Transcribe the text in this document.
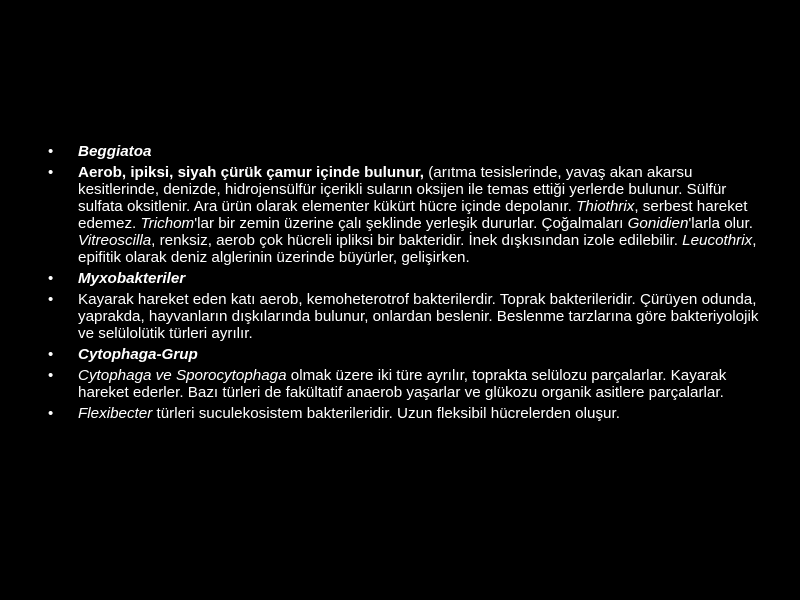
• Beggiatoa
• Aerob, ipiksi, siyah çürük çamur içinde bulunur, (arıtma tesislerinde, yavaş akan akarsu kesitlerinde, denizde, hidrojensülfür içerikli suların oksijen ile temas ettiği yerlerde bulunur. Sülfür sulfata oksitlenir. Ara ürün olarak elementer kükürt hücre içinde depolanır. Thiothrix, serbest hareket edemez. Trichom'lar bir zemin üzerine çalı şeklinde yerleşik dururlar. Çoğalmaları Gonidien'larla olur. Vitreoscilla, renksiz, aerob çok hücreli ipliksi bir bakteridir. İnek dışkısından izole edilebilir. Leucothrix, epifitik olarak deniz alglerinin üzerinde büyürler, gelişirken.
• Myxobakteriler
• Kayarak hareket eden katı aerob, kemoheterotrof bakterilerdir. Toprak bakterileridir. Çürüyen odunda, yaprakda, hayvanların dışkılarında bulunur, onlardan beslenir. Beslenme tarzlarına göre bakteriyolojik ve selülolütik türleri ayrılır.
• Cytophaga-Grup
• Cytophaga ve Sporocytophaga olmak üzere iki türe ayrılır, toprakta selülozu parçalarlar. Kayarak hareket ederler. Bazı türleri de fakültatif anaerob yaşarlar ve glükozu organik asitlere parçalarlar.
• Flexibecter türleri suculekosistem bakterileridir. Uzun fleksibil hücrelerden oluşur.
